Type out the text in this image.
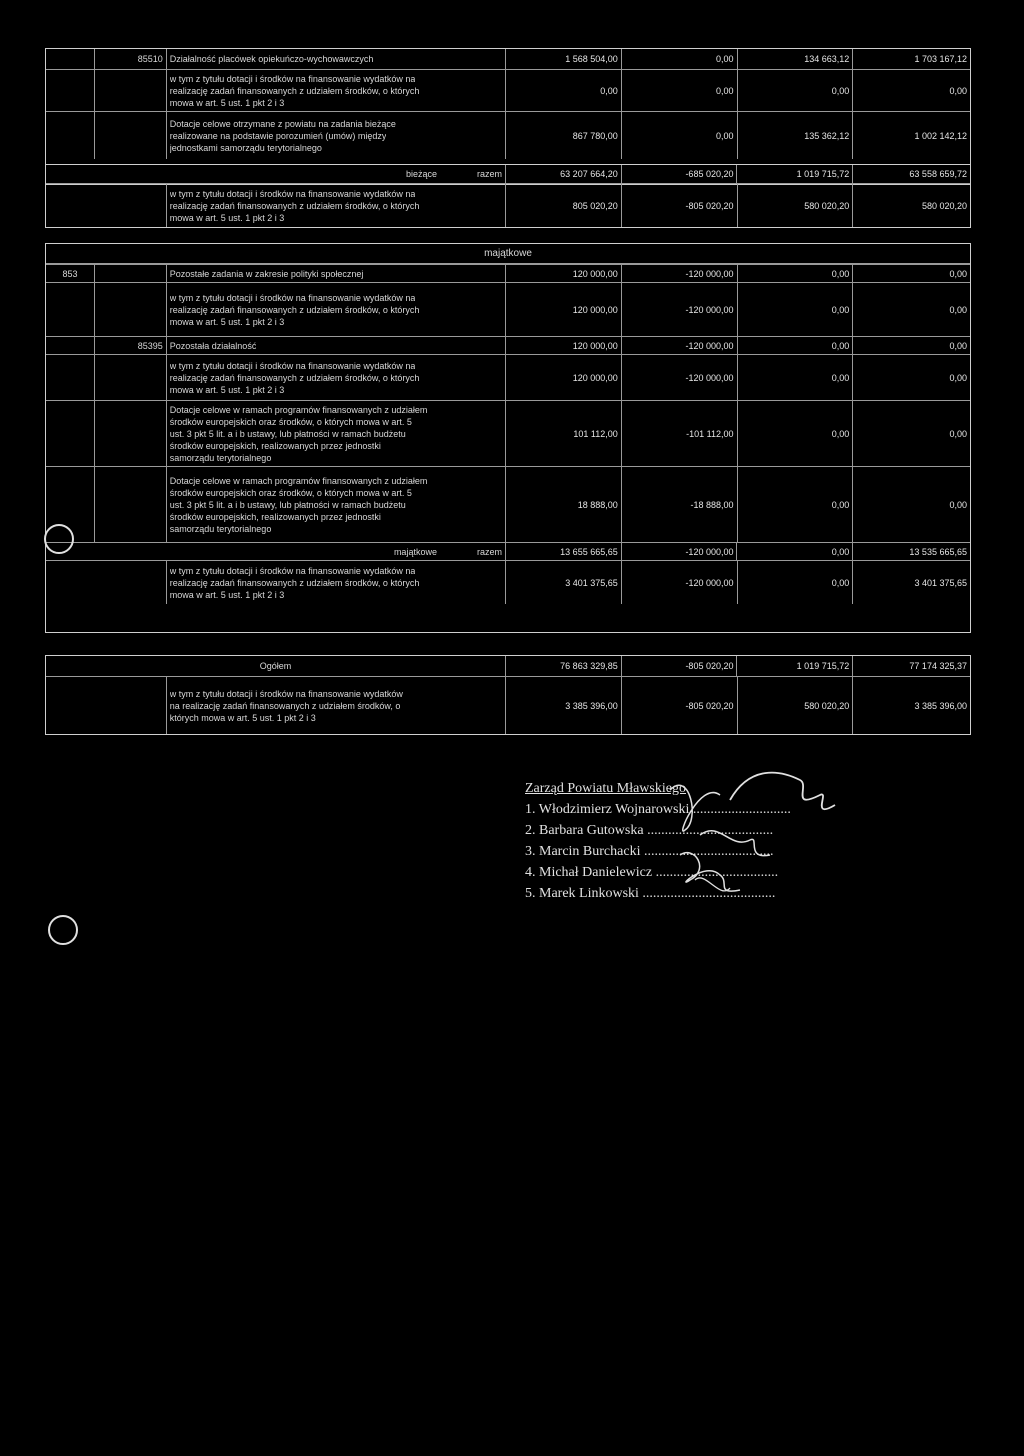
85510 Działalność placówek opiekuńczo-wychowawczych	1 568 504,00	0,00	134 663,12	1 703 167,12
w tym z tytułu dotacji i środków na finansowanie wydatków na
realizację zadań finansowanych z udziałem środków, o których
mowa w art. 5 ust. 1 pkt 2 i 3
0,00	0,00	0,00	0,00
Dotacje celowe otrzymane z powiatu na zadania bieżące
realizowane na podstawie porozumień (umów) między
jednostkami samorządu terytorialnego
867 780,00	0,00	135 362,12	1 002 142,12
bieżące	razem	63 207 664,20	-685 020,20	1 019 715,72	63 558 659,72
w tym z tytułu dotacji i środków na finansowanie wydatków na
realizację zadań finansowanych z udziałem środków, o których
mowa w art. 5 ust. 1 pkt 2 i 3
805 020,20	-805 020,20	580 020,20	580 020,20
majątkowe
853	Pozostałe zadania w zakresie polityki społecznej	120 000,00	-120 000,00	0,00	0,00
w tym z tytułu dotacji i środków na finansowanie wydatków na
realizację zadań finansowanych z udziałem środków, o których
mowa w art. 5 ust. 1 pkt 2 i 3
120 000,00	-120 000,00	0,00	0,00
85395 Pozostała działalność	120 000,00	-120 000,00	0,00	0,00
w tym z tytułu dotacji i środków na finansowanie wydatków na
realizację zadań finansowanych z udziałem środków, o których
mowa w art. 5 ust. 1 pkt 2 i 3
120 000,00	-120 000,00	0,00	0,00
Dotacje celowe w ramach programów finansowanych z udziałem
środków europejskich oraz środków, o których mowa w art. 5
ust. 3 pkt 5 lit. a i b ustawy, lub płatności w ramach budżetu
środków europejskich, realizowanych przez jednostki
samorządu terytorialnego
101 112,00	-101 112,00	0,00	0,00
Dotacje celowe w ramach programów finansowanych z udziałem
środków europejskich oraz środków, o których mowa w art. 5
ust. 3 pkt 5 lit. a i b ustawy, lub płatności w ramach budżetu
środków europejskich, realizowanych przez jednostki
samorządu terytorialnego
18 888,00	-18 888,00	0,00	0,00
majątkowe	razem	13 655 665,65	-120 000,00	0,00	13 535 665,65
w tym z tytułu dotacji i środków na finansowanie wydatków na
realizację zadań finansowanych z udziałem środków, o których
mowa w art. 5 ust. 1 pkt 2 i 3
3 401 375,65	-120 000,00	0,00	3 401 375,65
Ogółem	76 863 329,85	-805 020,20	1 019 715,72	77 174 325,37
w tym z tytułu dotacji i środków na finansowanie wydatków
na realizację zadań finansowanych z udziałem środków, o
których mowa w art. 5 ust. 1 pkt 2 i 3
3 385 396,00	-805 020,20	580 020,20	3 385 396,00
Zarząd Powiatu Mławskiego
1. Włodzimierz Wojnarowski ............................
2. Barbara Gutowska ....................................
3. Marcin Burchacki .....................................
4. Michał Danielewicz ...................................
5. Marek Linkowski ......................................
